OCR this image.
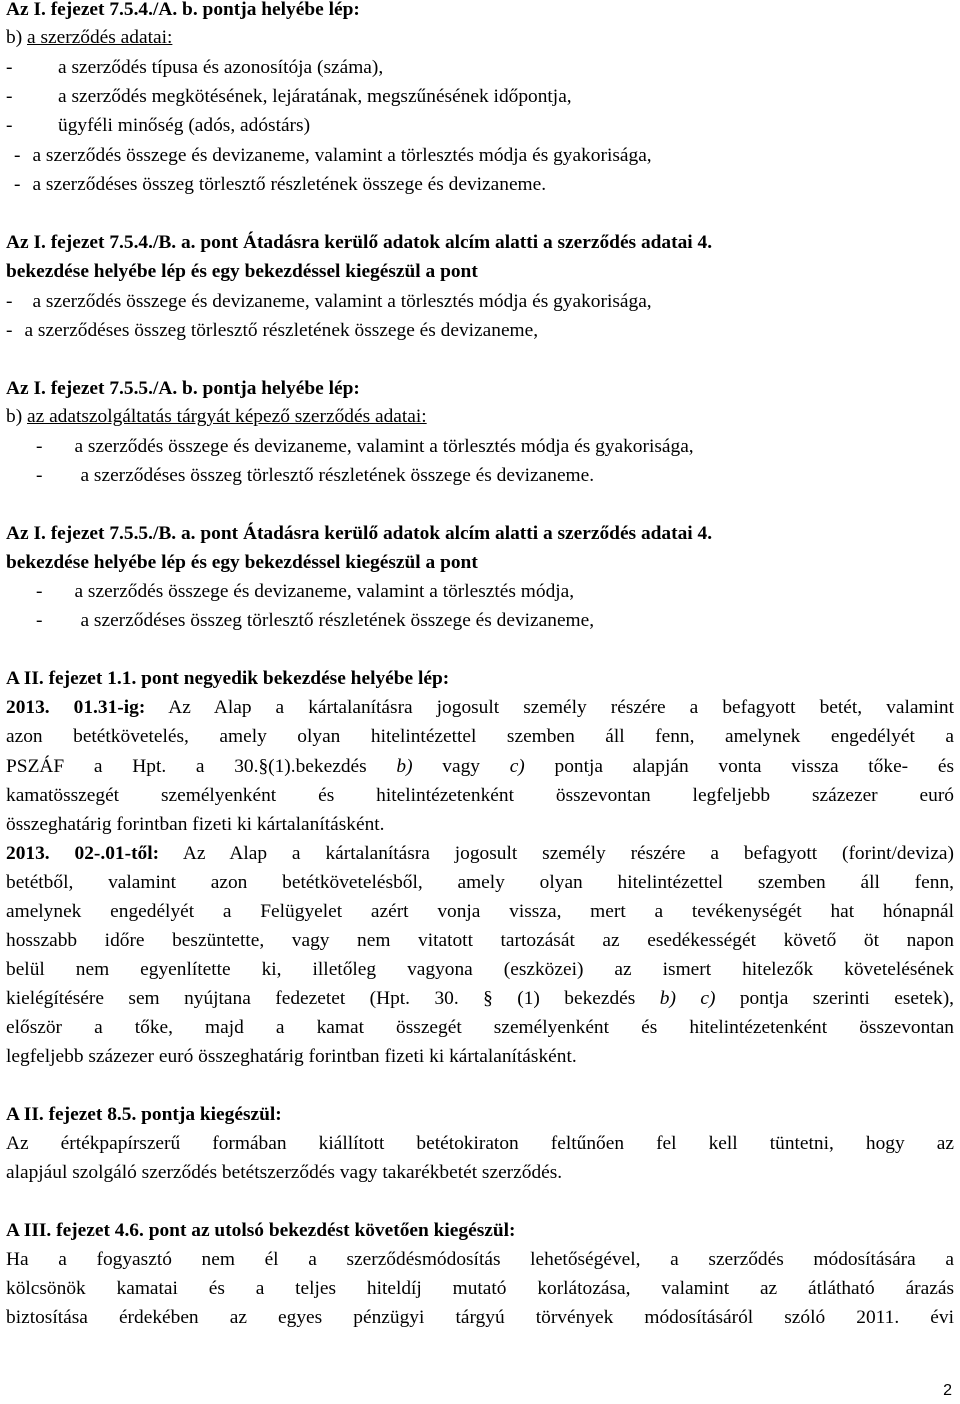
Az I. fejezet 7.5.4./A. b. pontja helyébe lép:
b) a szerződés adatai:
- a szerződés típusa és azonosítója (száma),
- a szerződés megkötésének, lejáratának, megszűnésének időpontja,
- ügyféli minőség (adós, adóstárs)
- a szerződés összege és devizaneme, valamint a törlesztés módja és gyakorisága,
- a szerződéses összeg törlesztő részletének összege és devizaneme.
Az I. fejezet 7.5.4./B. a. pont Átadásra kerülő adatok alcím alatti a szerződés adatai 4.
bekezdése helyébe lép és egy bekezdéssel kiegészül a pont
- a szerződés összege és devizaneme, valamint a törlesztés módja és gyakorisága,
- a szerződéses összeg törlesztő részletének összege és devizaneme,
Az I. fejezet 7.5.5./A. b. pontja helyébe lép:
b) az adatszolgáltatás tárgyát képező szerződés adatai:
- a szerződés összege és devizaneme, valamint a törlesztés módja és gyakorisága,
- a szerződéses összeg törlesztő részletének összege és devizaneme.
Az I. fejezet 7.5.5./B. a. pont Átadásra kerülő adatok alcím alatti a szerződés adatai 4.
bekezdése helyébe lép és egy bekezdéssel kiegészül a pont
- a szerződés összege és devizaneme, valamint a törlesztés módja,
- a szerződéses összeg törlesztő részletének összege és devizaneme,
A II. fejezet 1.1. pont negyedik bekezdése helyébe lép:
2013. 01.31-ig: Az Alap a kártalanításra jogosult személy részére a befagyott betét, valamint
azon betétkövetelés, amely olyan hitelintézettel szemben áll fenn, amelynek engedélyét a
PSZÁF a Hpt. a 30.§(1).bekezdés b) vagy c) pontja alapján vonta vissza tőke- és
kamatösszegét személyenként és hitelintézetenként összevontan legfeljebb százezer euró
összeghatárig forintban fizeti ki kártalanításként.
2013. 02-.01-től: Az Alap a kártalanításra jogosult személy részére a befagyott (forint/deviza)
betétből, valamint azon betétkövetelésből, amely olyan hitelintézettel szemben áll fenn,
amelynek engedélyét a Felügyelet azért vonja vissza, mert a tevékenységét hat hónapnál
hosszabb időre beszüntette, vagy nem vitatott tartozását az esedékességét követő öt napon
belül nem egyenlítette ki, illetőleg vagyona (eszközei) az ismert hitelezők követelésének
kielégítésére sem nyújtana fedezetet (Hpt. 30. § (1) bekezdés b) c) pontja szerinti esetek),
először a tőke, majd a kamat összegét személyenként és hitelintézetenként összevontan
legfeljebb százezer euró összeghatárig forintban fizeti ki kártalanításként.
A II. fejezet 8.5. pontja kiegészül:
Az értékpapírszerű formában kiállított betétokiraton feltűnően fel kell tüntetni, hogy az
alapjául szolgáló szerződés betétszerződés vagy takarékbetét szerződés.
A III. fejezet 4.6. pont az utolsó bekezdést követően kiegészül:
Ha a fogyasztó nem él a szerződésmódosítás lehetőségével, a szerződés módosítására a
kölcsönök kamatai és a teljes hiteldíj mutató korlátozása, valamint az átlátható árazás
biztosítása érdekében az egyes pénzügyi tárgyú törvények módosításáról szóló 2011. évi
2
